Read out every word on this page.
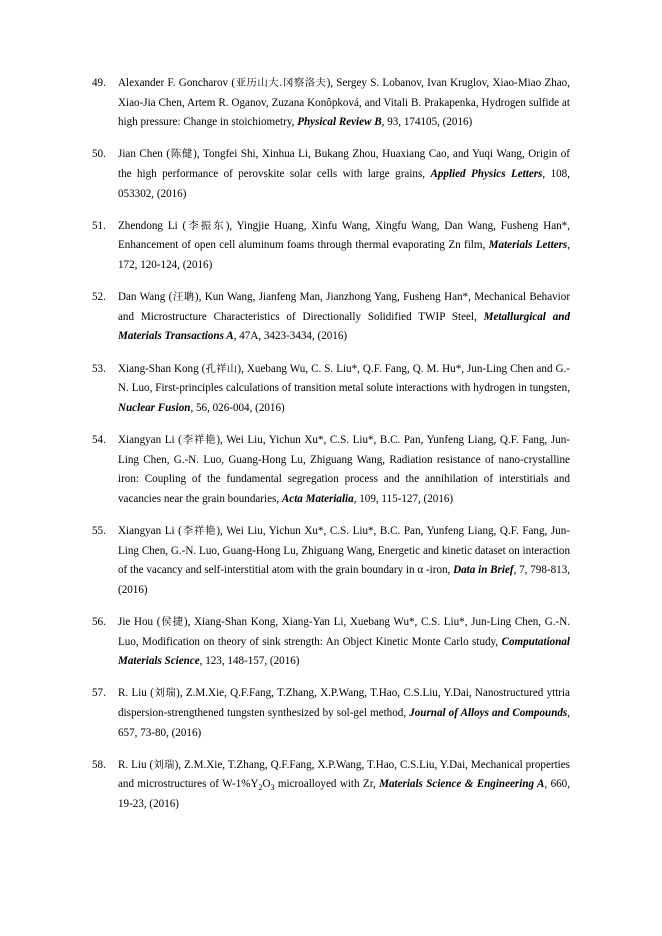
49.	Alexander F. Goncharov (亚历山大.冈察洛夫), Sergey S. Lobanov, Ivan Kruglov, Xiao-Miao Zhao, Xiao-Jia Chen, Artem R. Oganov, Zuzana Konôpková, and Vitali B. Prakapenka, Hydrogen sulfide at high pressure: Change in stoichiometry, Physical Review B, 93, 174105, (2016)
50.	Jian Chen (陈健), Tongfei Shi, Xinhua Li, Bukang Zhou, Huaxiang Cao, and Yuqi Wang, Origin of the high performance of perovskite solar cells with large grains, Applied Physics Letters, 108, 053302, (2016)
51.	Zhendong Li (李振东), Yingjie Huang, Xinfu Wang, Xingfu Wang, Dan Wang, Fusheng Han*, Enhancement of open cell aluminum foams through thermal evaporating Zn film, Materials Letters, 172, 120-124, (2016)
52.	Dan Wang (汪聃), Kun Wang, Jianfeng Man, Jianzhong Yang, Fusheng Han*, Mechanical Behavior and Microstructure Characteristics of Directionally Solidified TWIP Steel, Metallurgical and Materials Transactions A, 47A, 3423-3434, (2016)
53.	Xiang-Shan Kong (孔祥山), Xuebang Wu, C. S. Liu*, Q.F. Fang, Q. M. Hu*, Jun-Ling Chen and G.-N. Luo, First-principles calculations of transition metal solute interactions with hydrogen in tungsten, Nuclear Fusion, 56, 026-004, (2016)
54.	Xiangyan Li (李祥艳), Wei Liu, Yichun Xu*, C.S. Liu*, B.C. Pan, Yunfeng Liang, Q.F. Fang, Jun-Ling Chen, G.-N. Luo, Guang-Hong Lu, Zhiguang Wang, Radiation resistance of nano-crystalline iron: Coupling of the fundamental segregation process and the annihilation of interstitials and vacancies near the grain boundaries, Acta Materialia, 109, 115-127, (2016)
55.	Xiangyan Li (李祥艳), Wei Liu, Yichun Xu*, C.S. Liu*, B.C. Pan, Yunfeng Liang, Q.F. Fang, Jun-Ling Chen, G.-N. Luo, Guang-Hong Lu, Zhiguang Wang, Energetic and kinetic dataset on interaction of the vacancy and self-interstitial atom with the grain boundary in α -iron, Data in Brief, 7, 798-813, (2016)
56.	Jie Hou (侯捷), Xiang-Shan Kong, Xiang-Yan Li, Xuebang Wu*, C.S. Liu*, Jun-Ling Chen, G.-N. Luo, Modification on theory of sink strength: An Object Kinetic Monte Carlo study, Computational Materials Science, 123, 148-157, (2016)
57.	R. Liu (刘瑞), Z.M.Xie, Q.F.Fang, T.Zhang, X.P.Wang, T.Hao, C.S.Liu, Y.Dai, Nanostructured yttria dispersion-strengthened tungsten synthesized by sol-gel method, Journal of Alloys and Compounds, 657, 73-80, (2016)
58.	R. Liu (刘瑞), Z.M.Xie, T.Zhang, Q.F.Fang, X.P.Wang, T.Hao, C.S.Liu, Y.Dai, Mechanical properties and microstructures of $W-1\%Y_2O_3$ microalloyed with Zr, Materials Science & Engineering A, 660, 19-23, (2016)
